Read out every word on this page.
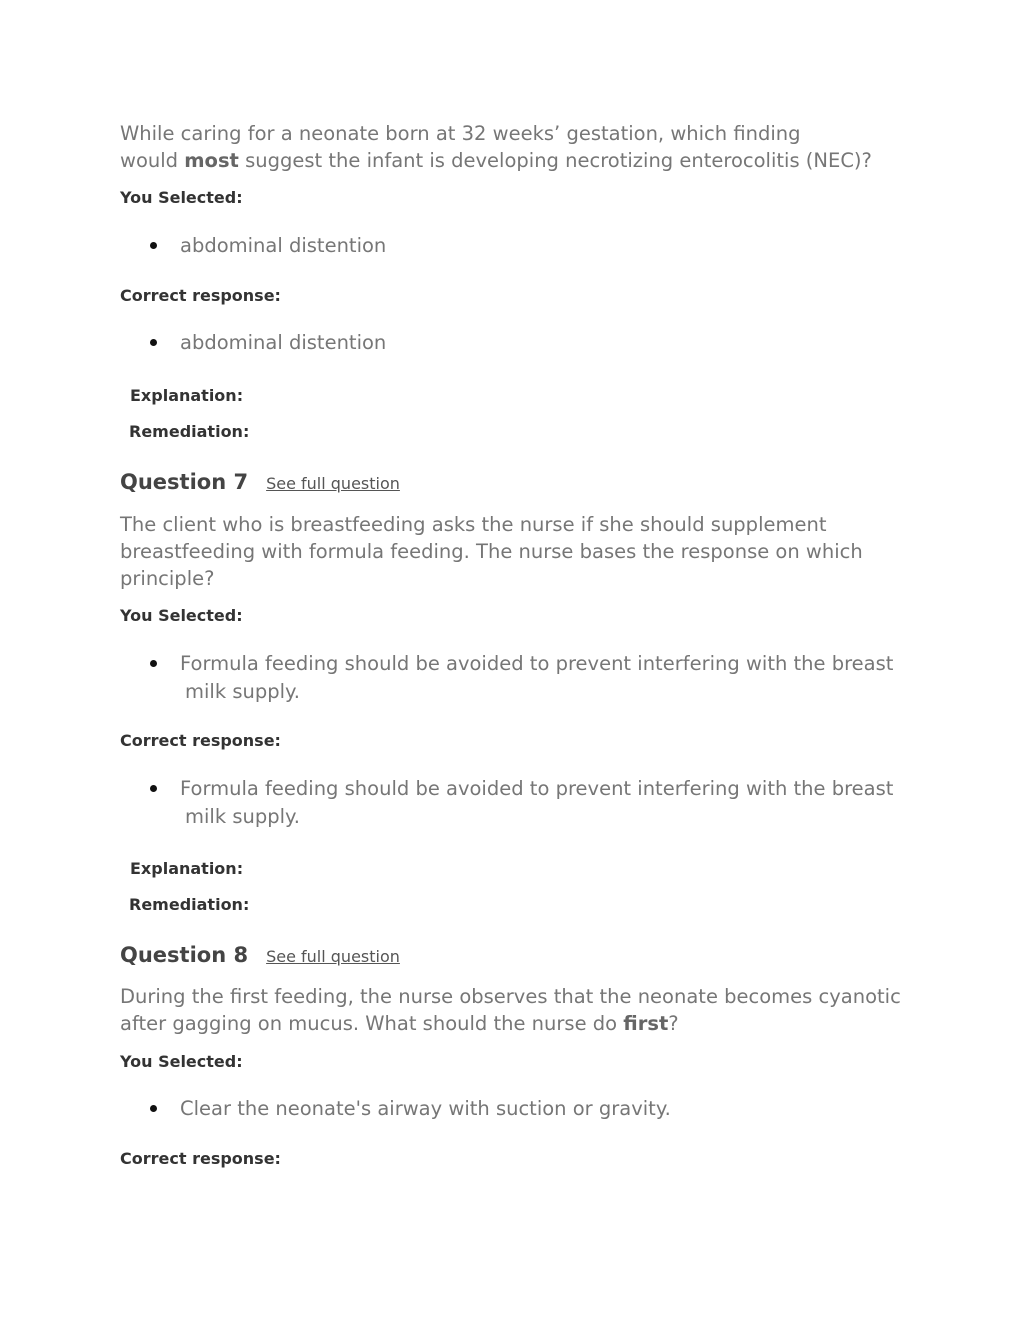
While caring for a neonate born at 32 weeks’ gestation, which finding
would most suggest the infant is developing necrotizing enterocolitis (NEC)?

You Selected:

abdominal distention

Correct response:

abdominal distention

Explanation:

Remediation:

Question 7 See full question

The client who is breastfeeding asks the nurse if she should supplement
breastfeeding with formula feeding. The nurse bases the response on which
principle?

You Selected:

Formula feeding should be avoided to prevent interfering with the breast
milk supply.

Correct response:

Formula feeding should be avoided to prevent interfering with the breast
milk supply.

Explanation:

Remediation:

Question 8 See full question

During the first feeding, the nurse observes that the neonate becomes cyanotic
after gagging on mucus. What should the nurse do first?

You Selected:

Clear the neonate's airway with suction or gravity.

Correct response:
